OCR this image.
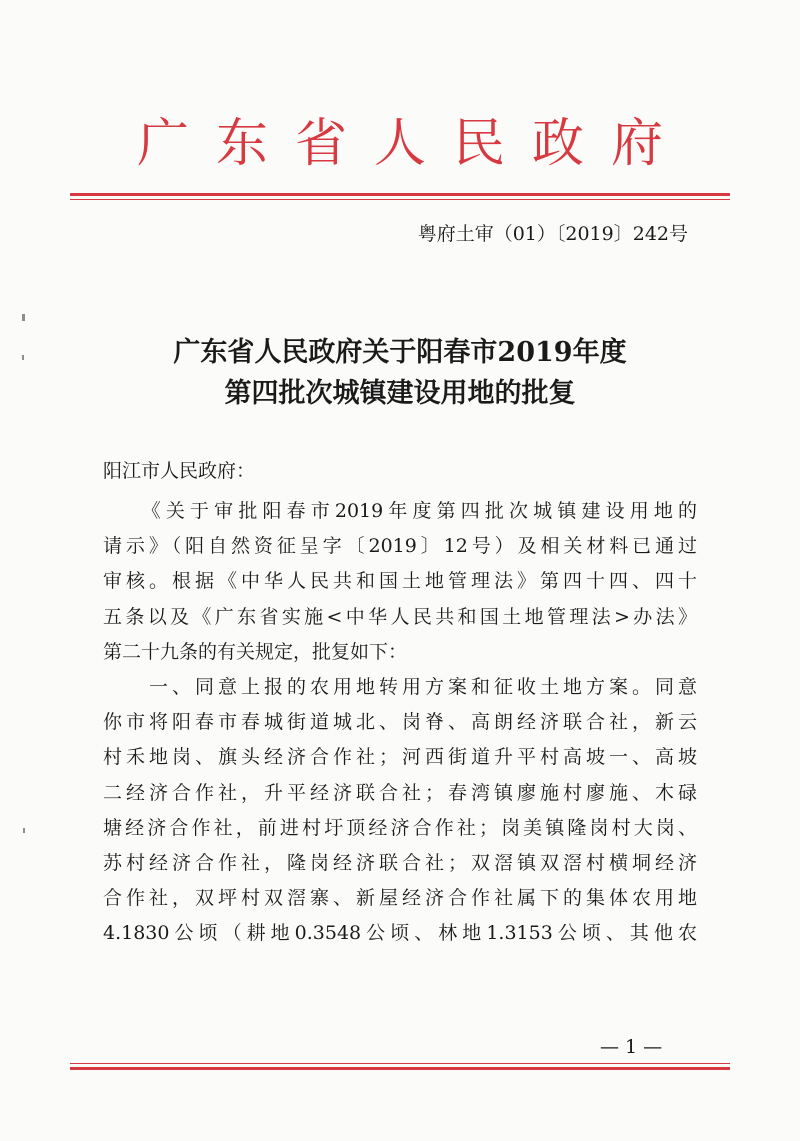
广东省人民政府
粤府土审（01）〔2019〕242号
广东省人民政府关于阳春市2019年度
第四批次城镇建设用地的批复
阳江市人民政府：
　　《关于审批阳春市2019年度第四批次城镇建设用地的
请示》（阳自然资征呈字〔2019〕12号）及相关材料已通过
审核。根据《中华人民共和国土地管理法》第四十四、四十
五条以及《广东省实施<中华人民共和国土地管理法>办法》
第二十九条的有关规定，批复如下：
　　一、同意上报的农用地转用方案和征收土地方案。同意
你市将阳春市春城街道城北、岗脊、高朗经济联合社，新云
村禾地岗、旗头经济合作社；河西街道升平村高坡一、高坡
二经济合作社，升平经济联合社；春湾镇廖施村廖施、木碌
塘经济合作社，前进村圩顶经济合作社；岗美镇隆岗村大岗、
苏村经济合作社，隆岗经济联合社；双滘镇双滘村横垌经济
合作社，双坪村双滘寨、新屋经济合作社属下的集体农用地
4.1830公顷（耕地0.3548公顷、林地1.3153公顷、其他农
— 1 —
